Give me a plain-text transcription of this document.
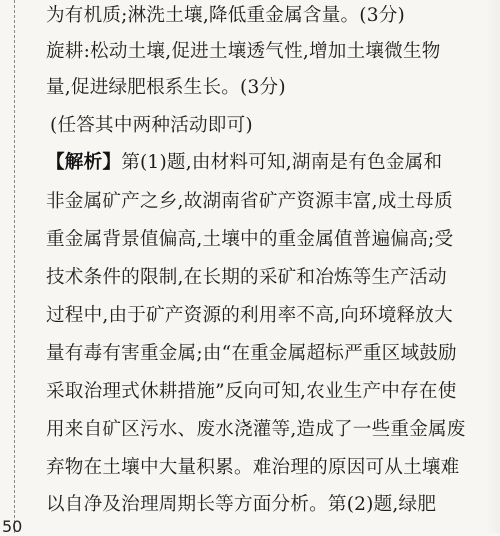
为有机质;淋洗土壤,降低重金属含量。(3分)
旋耕:松动土壤,促进土壤透气性,增加土壤微生物
量,促进绿肥根系生长。(3分)
(任答其中两种活动即可)
【解析】第(1)题,由材料可知,湖南是有色金属和
非金属矿产之乡,故湖南省矿产资源丰富,成土母质
重金属背景值偏高,土壤中的重金属值普遍偏高;受
技术条件的限制,在长期的采矿和冶炼等生产活动
过程中,由于矿产资源的利用率不高,向环境释放大
量有毒有害重金属;由“在重金属超标严重区域鼓励
采取治理式休耕措施”反向可知,农业生产中存在使
用来自矿区污水、废水浇灌等,造成了一些重金属废
弃物在土壤中大量积累。难治理的原因可从土壤难
以自净及治理周期长等方面分析。第(2)题,绿肥
50
